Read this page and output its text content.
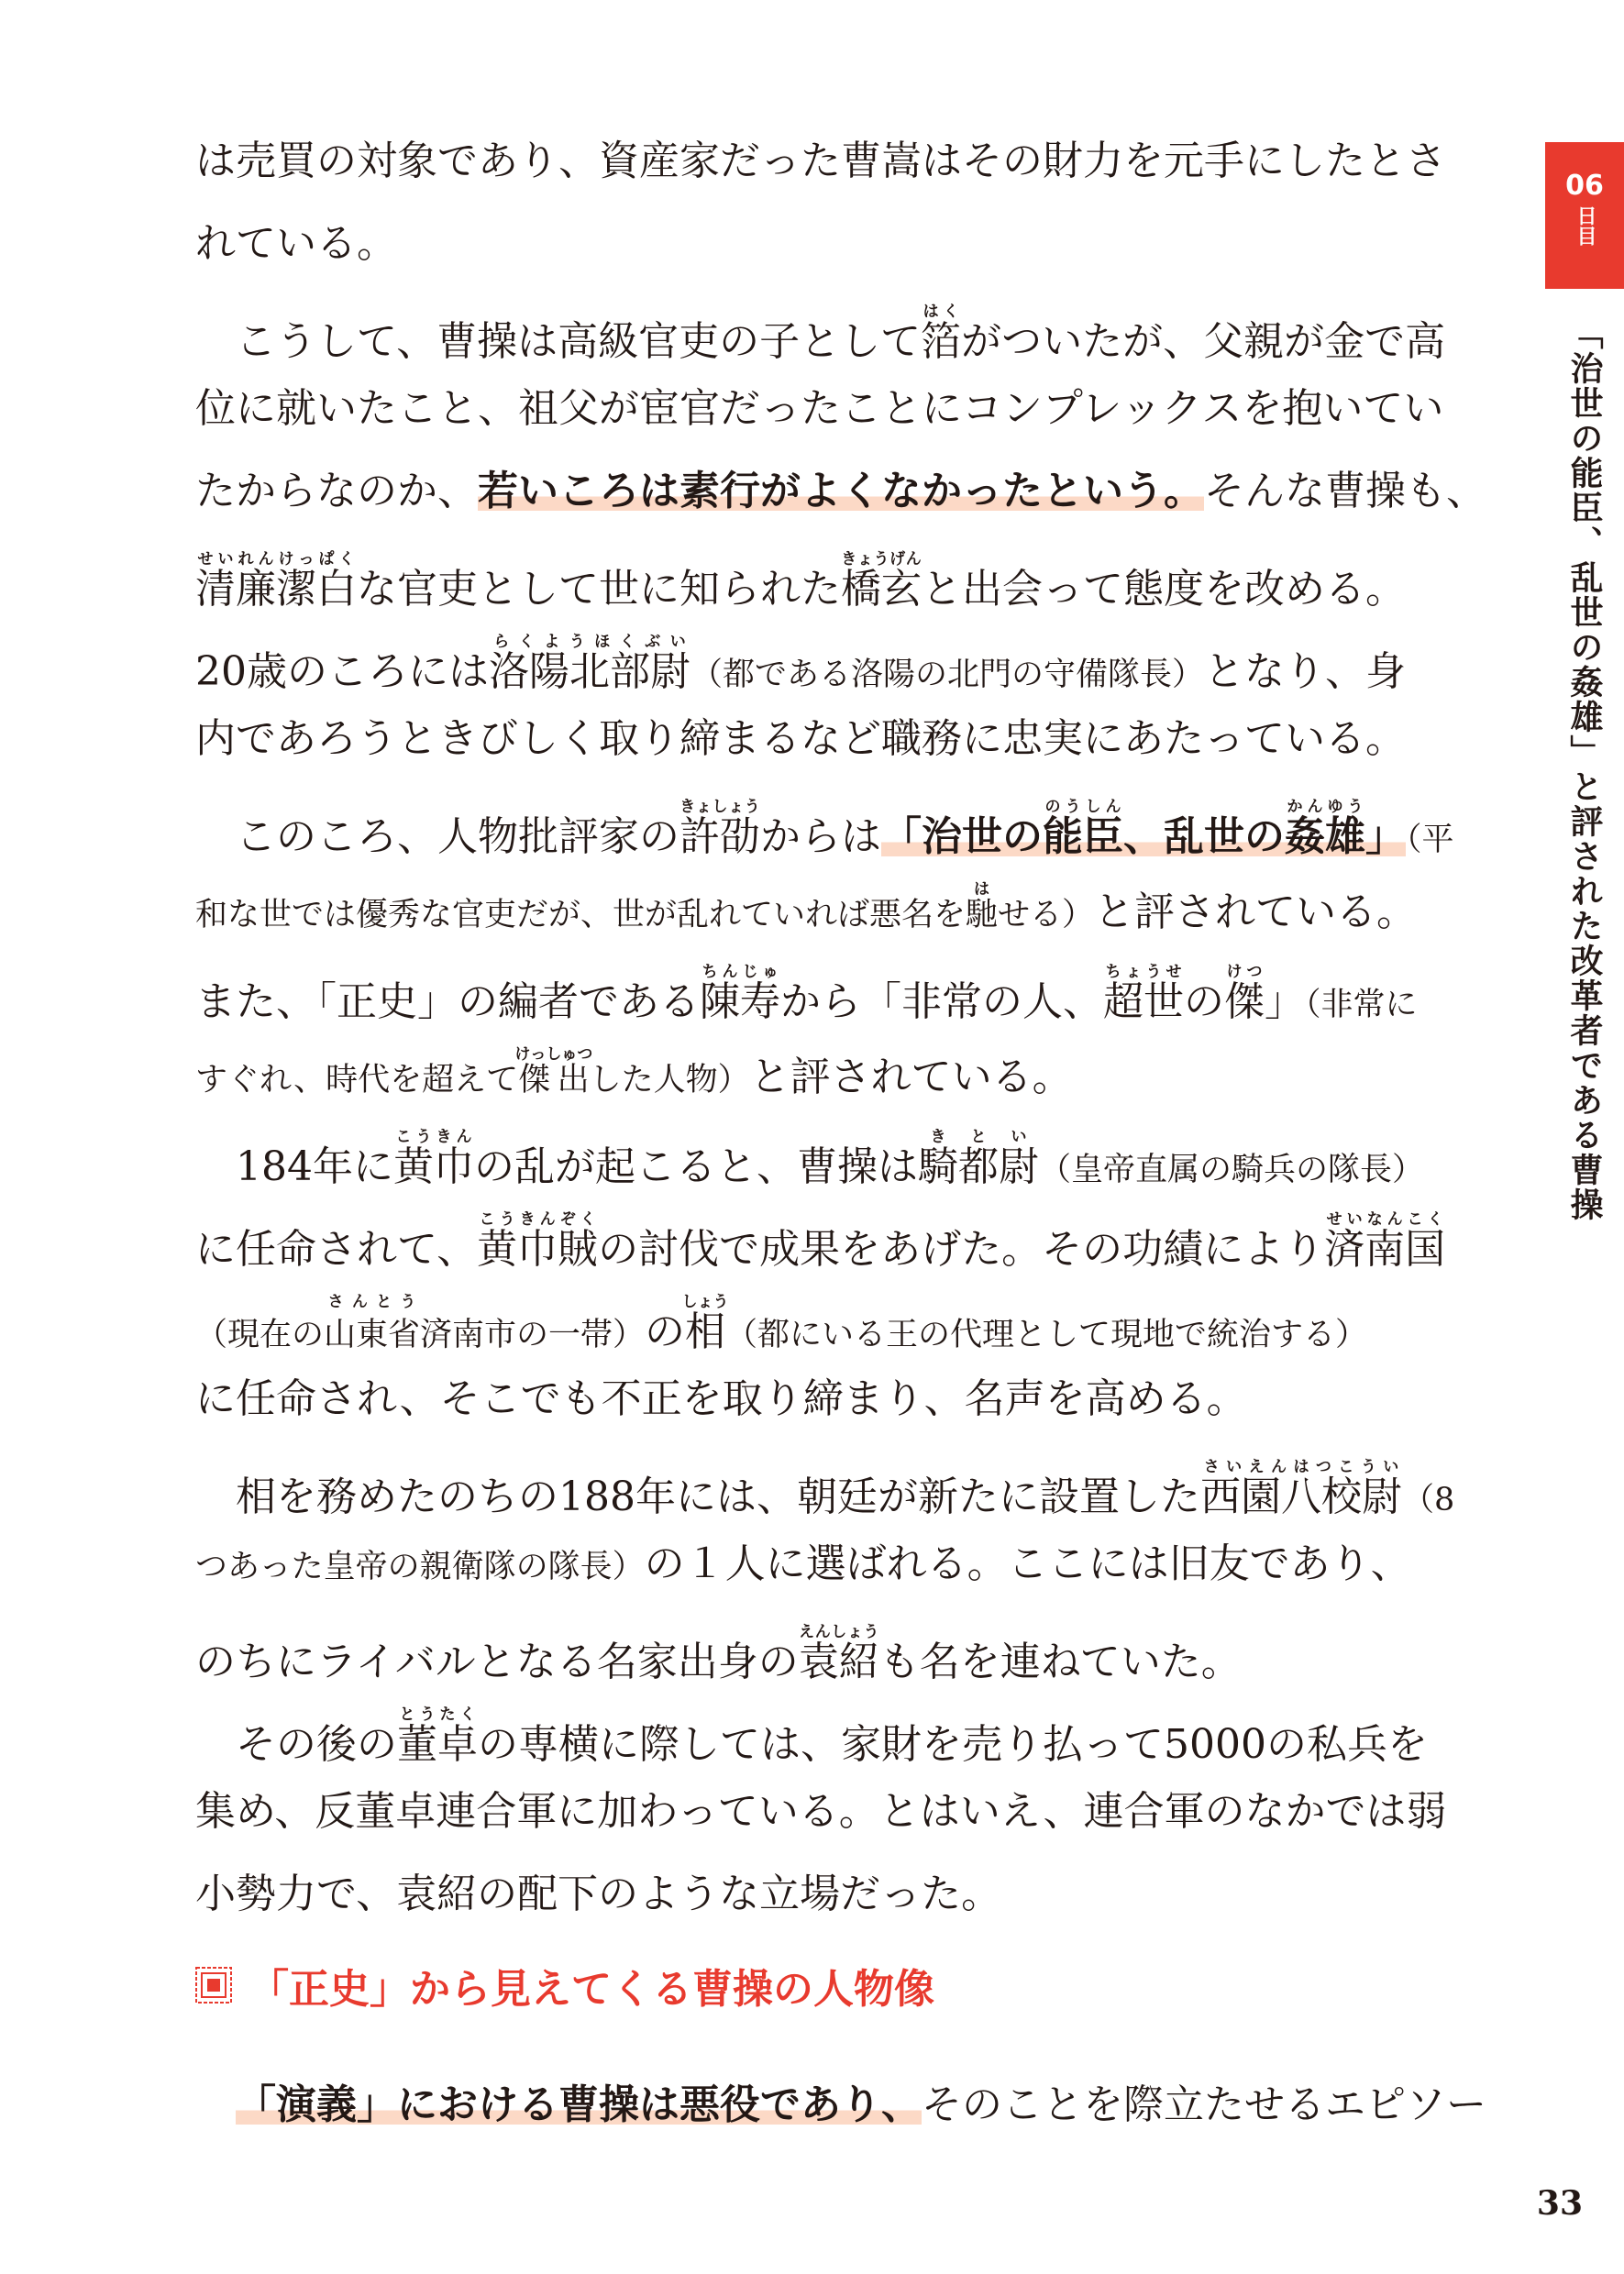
06
日目
「治世の能臣、乱世の姦雄」と評された改革者である曹操
は売買の対象であり、資産家だった曹嵩はその財力を元手にしたとさ
れている。
こうして、曹操は高級官吏の子として箔はくがついたが、父親が金で高
位に就いたこと、祖父が宦官だったことにコンプレックスを抱いてい
たからなのか、若いころは素行がよくなかったという。そんな曹操も、
清廉潔白せいれんけっぱくな官吏として世に知られた橋玄きょうげんと出会って態度を改める。
20歳のころには洛陽北部尉らくようほくぶい（都である洛陽の北門の守備隊長）となり、身
内であろうときびしく取り締まるなど職務に忠実にあたっている。
このころ、人物批評家の許劭きょしょうからは「治世の能臣のうしん、乱世の姦雄かんゆう」（平
和な世では優秀な官吏だが、世が乱れていれば悪名を馳はせる）と評されている。
また、「正史」の編者である陳寿ちんじゅから「非常の人、超世ちょうせの傑けつ」（非常に
すぐれ、時代を超えて傑出けっしゅつした人物）と評されている。
184年に黄巾こうきんの乱が起こると、曹操は騎都尉きとい（皇帝直属の騎兵の隊長）
に任命されて、黄巾賊こうきんぞくの討伐で成果をあげた。その功績により済南国せいなんこく
（現在の山東省さんとう済南市の一帯）の相しょう（都にいる王の代理として現地で統治する）
に任命され、そこでも不正を取り締まり、名声を高める。
相を務めたのちの188年には、朝廷が新たに設置した西園八校尉さいえんはつこうい（8
つあった皇帝の親衛隊の隊長）の１人に選ばれる。ここには旧友であり、
のちにライバルとなる名家出身の袁紹えんしょうも名を連ねていた。
その後の董卓とうたくの専横に際しては、家財を売り払って5000の私兵を
集め、反董卓連合軍に加わっている。とはいえ、連合軍のなかでは弱
小勢力で、袁紹の配下のような立場だった。
「正史」から見えてくる曹操の人物像
「演義」における曹操は悪役であり、そのことを際立たせるエピソー
33
